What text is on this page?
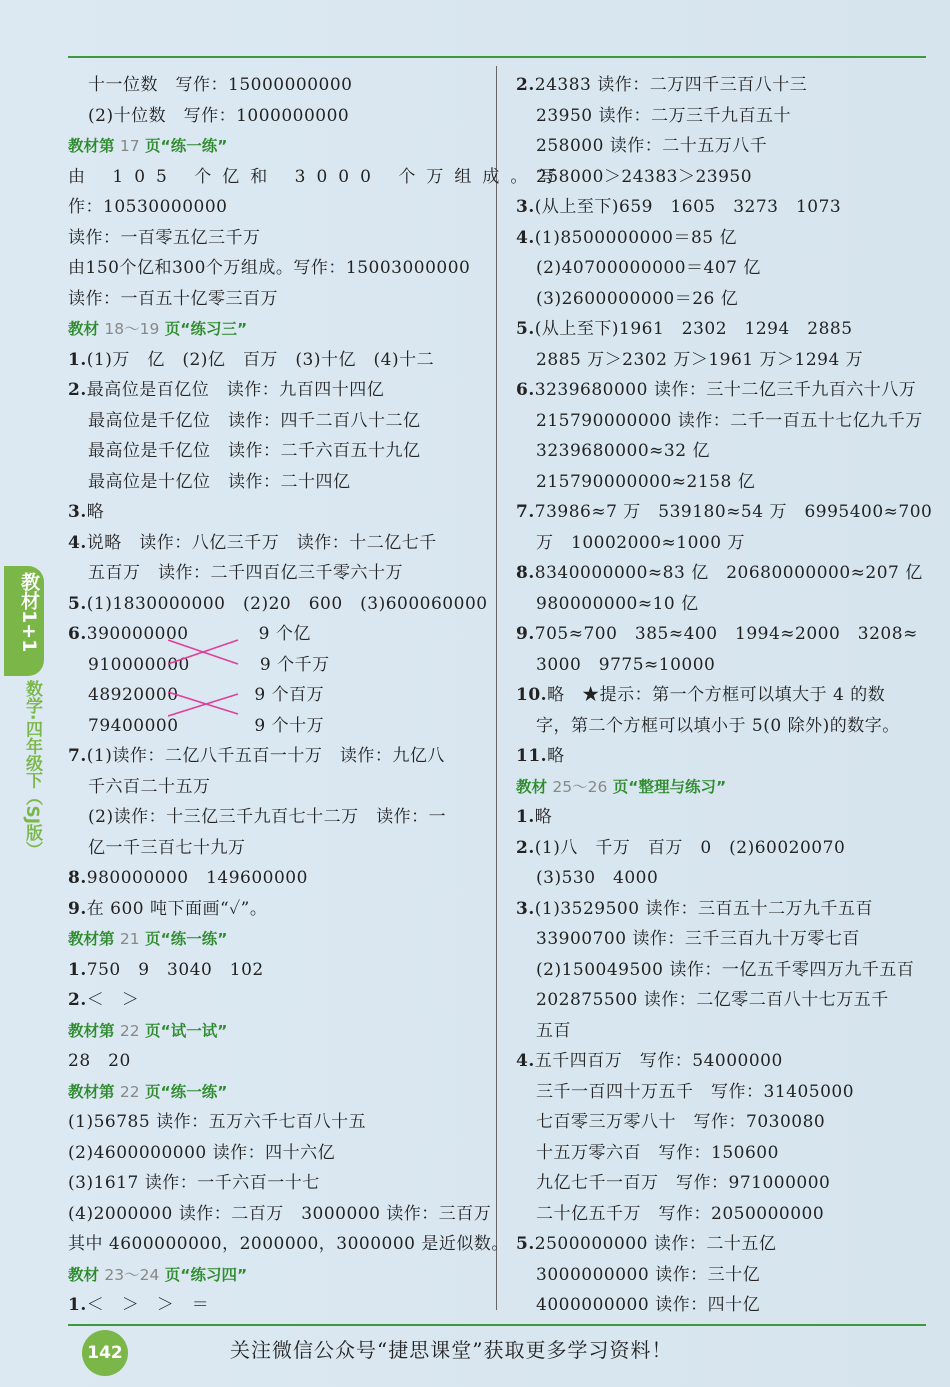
十一位数　写作：15000000000
(2)十位数　写作：1000000000
教材第 17 页“练一练”
由 105 个亿和 3000 个万组成。写
作：10530000000
读作：一百零五亿三千万
由150个亿和300个万组成。写作：15003000000
读作：一百五十亿零三百万
教材 18～19 页“练习三”
1.(1)万　亿　(2)亿　百万　(3)十亿　(4)十二
2.最高位是百亿位　读作：九百四十四亿
最高位是千亿位　读作：四千二百八十二亿
最高位是千亿位　读作：二千六百五十九亿
最高位是十亿位　读作：二十四亿
3.略
4.说略　读作：八亿三千万　读作：十二亿七千
五百万　读作：二千四百亿三千零六十万
5.(1)1830000000　(2)20　600　(3)600060000
6.390000000　　　　9 个亿
910000000　　　　9 个千万
48920000　　　　 9 个百万
79400000　　　　 9 个十万
7.(1)读作：二亿八千五百一十万　读作：九亿八
千六百二十五万
(2)读作：十三亿三千九百七十二万　读作：一
亿一千三百七十九万
8.980000000　149600000
9.在 600 吨下面画“✓”。
教材第 21 页“练一练”
1.750　9　3040　102
2.＜　＞
教材第 22 页“试一试”
28　20
教材第 22 页“练一练”
(1)56785 读作：五万六千七百八十五
(2)4600000000 读作：四十六亿
(3)1617 读作：一千六百一十七
(4)2000000 读作：二百万　3000000 读作：三百万
其中 4600000000，2000000，3000000 是近似数。
教材 23～24 页“练习四”
1.＜　＞　＞　＝
2.24383 读作：二万四千三百八十三
23950 读作：二万三千九百五十
258000 读作：二十五万八千
258000＞24383＞23950
3.(从上至下)659　1605　3273　1073
4.(1)8500000000＝85 亿
(2)40700000000＝407 亿
(3)2600000000＝26 亿
5.(从上至下)1961　2302　1294　2885
2885 万＞2302 万＞1961 万＞1294 万
6.3239680000 读作：三十二亿三千九百六十八万
215790000000 读作：二千一百五十七亿九千万
3239680000≈32 亿
215790000000≈2158 亿
7.73986≈7 万　539180≈54 万　6995400≈700
万　10002000≈1000 万
8.8340000000≈83 亿　20680000000≈207 亿
980000000≈10 亿
9.705≈700　385≈400　1994≈2000　3208≈
3000　9775≈10000
10.略　★提示：第一个方框可以填大于 4 的数
字，第二个方框可以填小于 5(0 除外)的数字。
11.略
教材 25～26 页“整理与练习”
1.略
2.(1)八　千万　百万　0　(2)60020070
(3)530　4000
3.(1)3529500 读作：三百五十二万九千五百
33900700 读作：三千三百九十万零七百
(2)150049500 读作：一亿五千零四万九千五百
202875500 读作：二亿零二百八十七万五千
五百
4.五千四百万　写作：54000000
三千一百四十万五千　写作：31405000
七百零三万零八十　写作：7030080
十五万零六百　写作：150600
九亿七千一百万　写作：971000000
二十亿五千万　写作：2050000000
5.2500000000 读作：二十五亿
3000000000 读作：三十亿
4000000000 读作：四十亿
教材1+1
数学·四年级下（SJ版）
142	关注微信公众号“捷思课堂”获取更多学习资料！
